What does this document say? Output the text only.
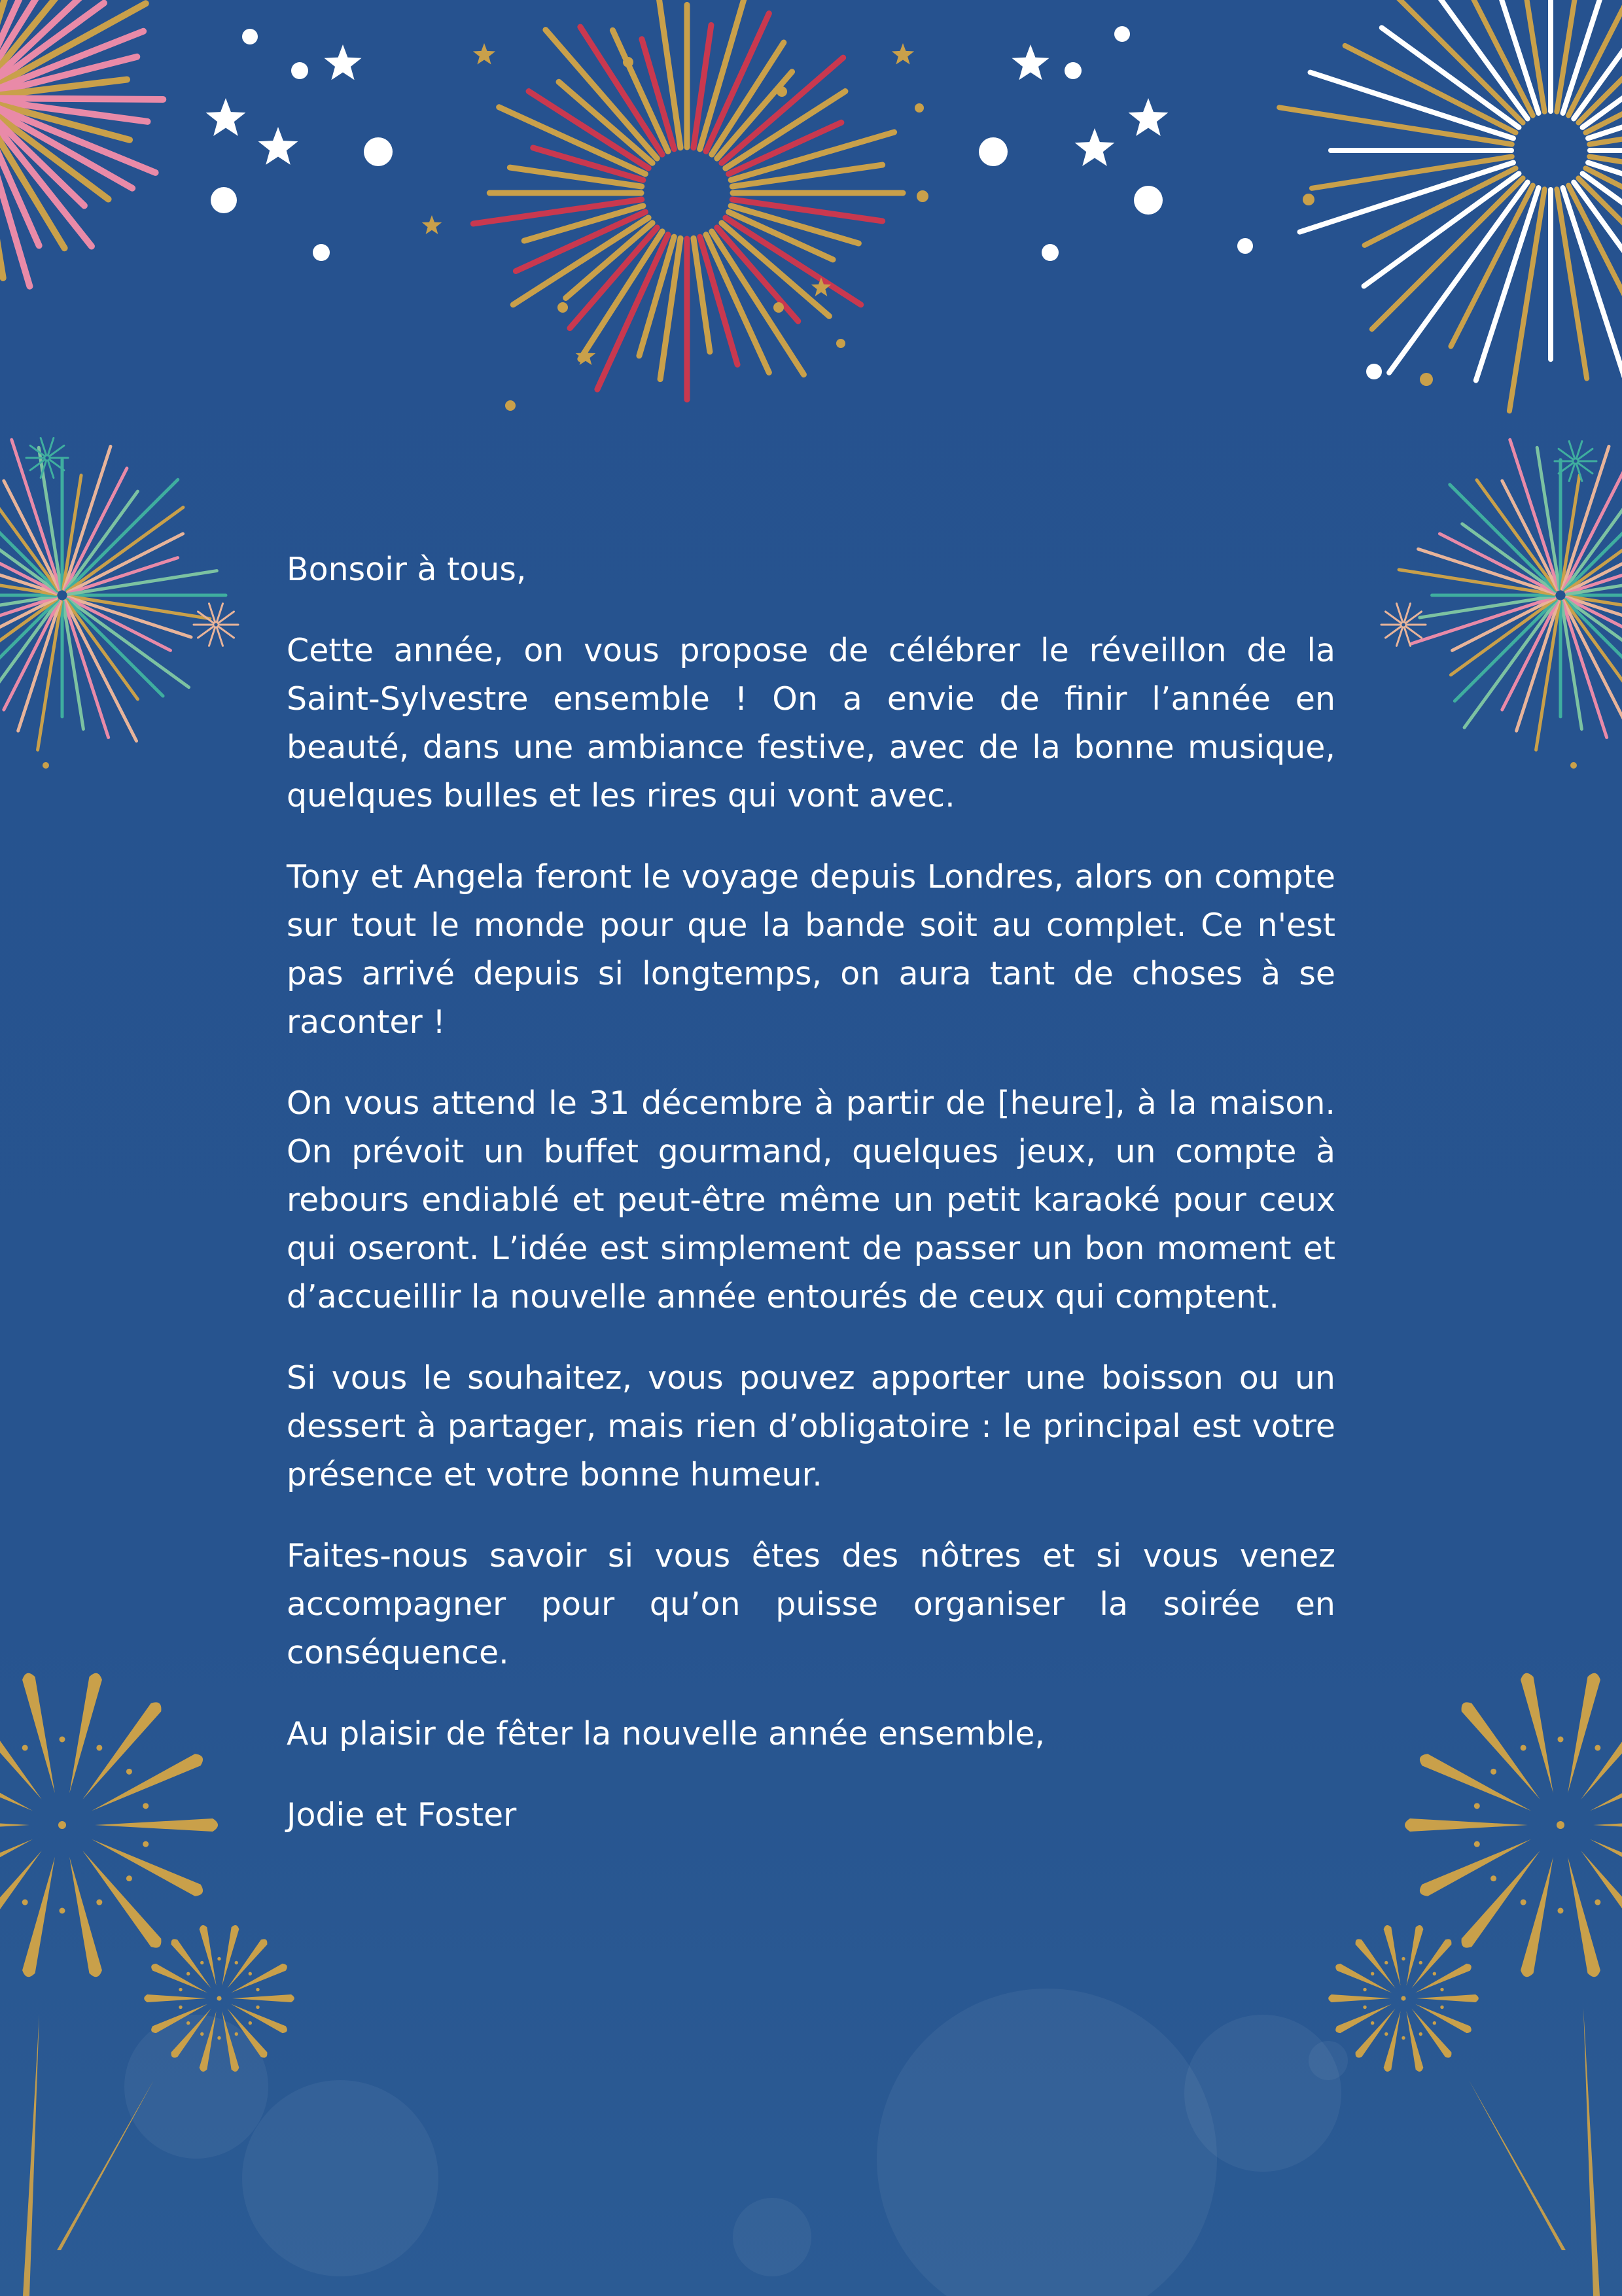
Bonsoir à tous,

Cette année, on vous propose de célébrer le réveillon de la Saint-Sylvestre ensemble ! On a envie de finir l’année en beauté, dans une ambiance festive, avec de la bonne musique, quelques bulles et les rires qui vont avec.

Tony et Angela feront le voyage depuis Londres, alors on compte sur tout le monde pour que la bande soit au complet. Ce n'est pas arrivé depuis si longtemps, on aura tant de choses à se raconter !

On vous attend le 31 décembre à partir de [heure], à la maison. On prévoit un buffet gourmand, quelques jeux, un compte à rebours endiablé et peut-être même un petit karaoké pour ceux qui oseront. L’idée est simplement de passer un bon moment et d’accueillir la nouvelle année entourés de ceux qui comptent.

Si vous le souhaitez, vous pouvez apporter une boisson ou un dessert à partager, mais rien d’obligatoire : le principal est votre présence et votre bonne humeur.

Faites-nous savoir si vous êtes des nôtres et si vous venez accompagner pour qu’on puisse organiser la soirée en conséquence.

Au plaisir de fêter la nouvelle année ensemble,

Jodie et Foster
